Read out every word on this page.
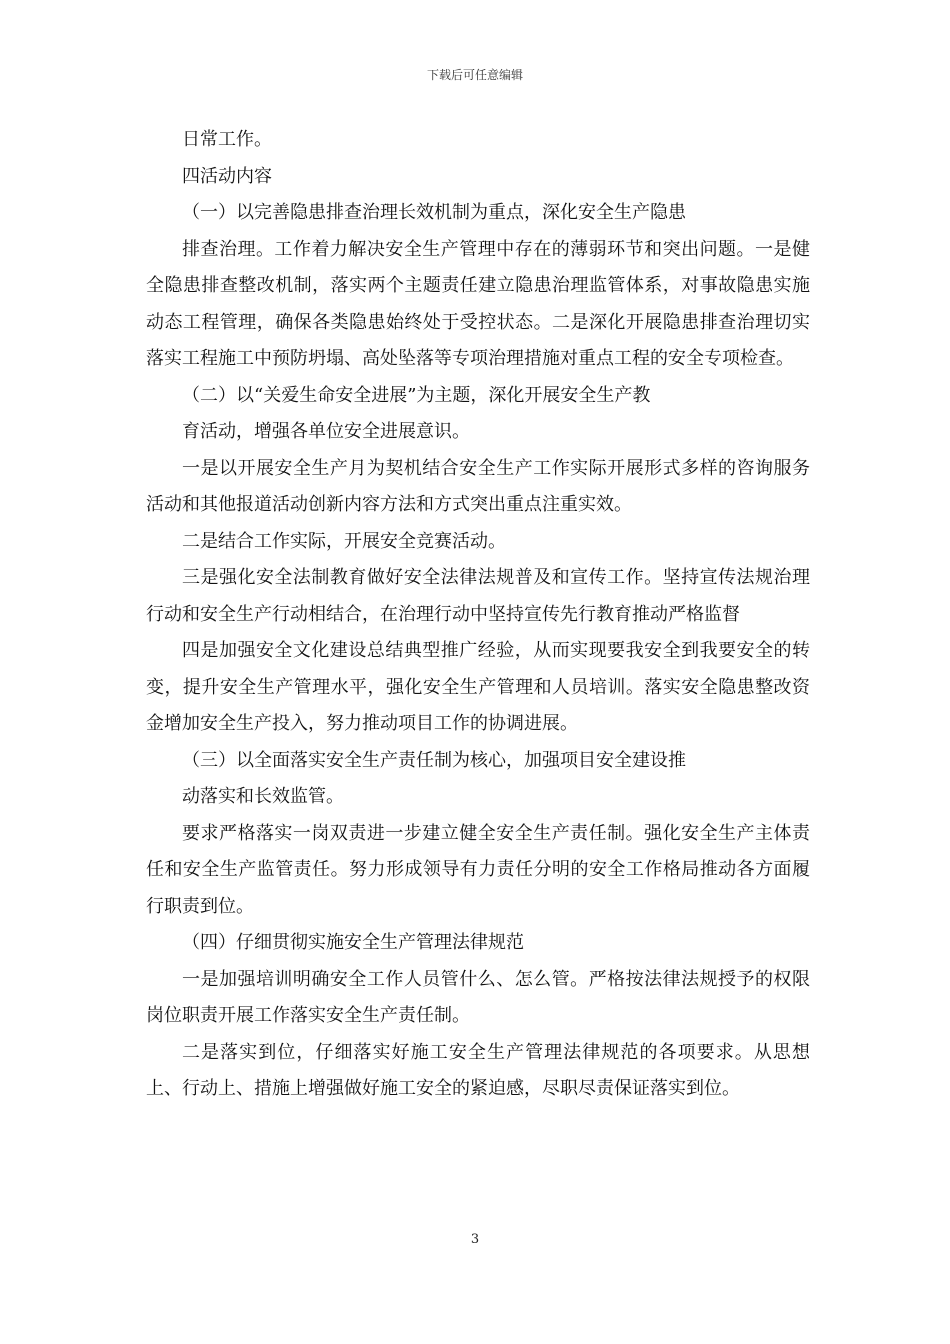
下载后可任意编辑

日常工作。

四活动内容

（一）以完善隐患排查治理长效机制为重点，深化安全生产隐患

排查治理。工作着力解决安全生产管理中存在的薄弱环节和突出问题。一是健全隐患排查整改机制，落实两个主题责任建立隐患治理监管体系，对事故隐患实施动态工程管理，确保各类隐患始终处于受控状态。二是深化开展隐患排查治理切实落实工程施工中预防坍塌、高处坠落等专项治理措施对重点工程的安全专项检查。

（二）以“关爱生命安全进展”为主题，深化开展安全生产教

育活动，增强各单位安全进展意识。

一是以开展安全生产月为契机结合安全生产工作实际开展形式多样的咨询服务活动和其他报道活动创新内容方法和方式突出重点注重实效。

二是结合工作实际，开展安全竞赛活动。

三是强化安全法制教育做好安全法律法规普及和宣传工作。坚持宣传法规治理行动和安全生产行动相结合，在治理行动中坚持宣传先行教育推动严格监督

四是加强安全文化建设总结典型推广经验，从而实现要我安全到我要安全的转变，提升安全生产管理水平，强化安全生产管理和人员培训。落实安全隐患整改资金增加安全生产投入，努力推动项目工作的协调进展。

（三）以全面落实安全生产责任制为核心，加强项目安全建设推

动落实和长效监管。

要求严格落实一岗双责进一步建立健全安全生产责任制。强化安全生产主体责任和安全生产监管责任。努力形成领导有力责任分明的安全工作格局推动各方面履行职责到位。

（四）仔细贯彻实施安全生产管理法律规范

一是加强培训明确安全工作人员管什么、怎么管。严格按法律法规授予的权限岗位职责开展工作落实安全生产责任制。

二是落实到位，仔细落实好施工安全生产管理法律规范的各项要求。从思想上、行动上、措施上增强做好施工安全的紧迫感，尽职尽责保证落实到位。

3
